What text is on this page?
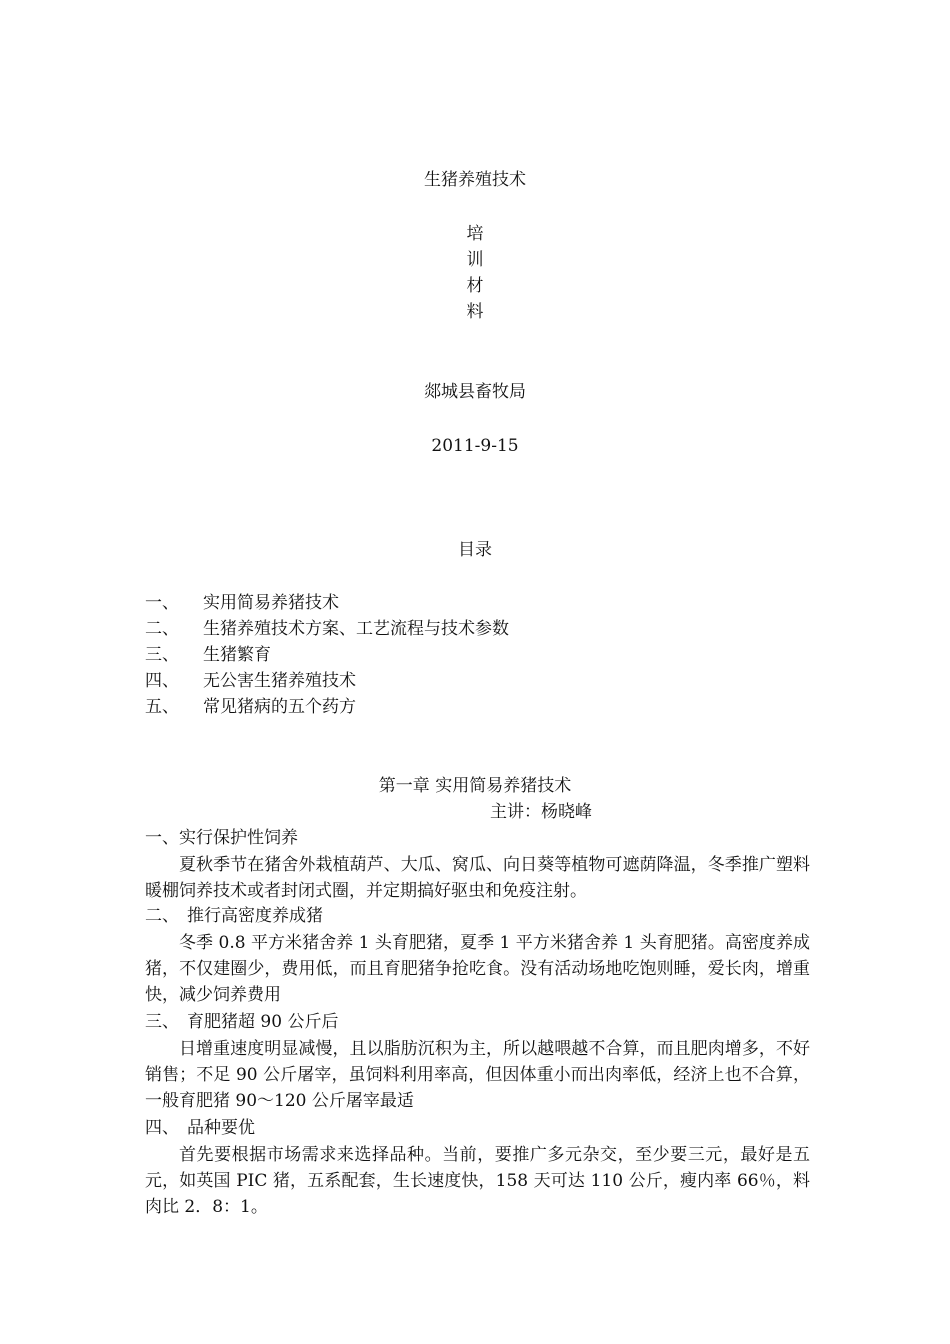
生猪养殖技术
培
训
材
料
郯城县畜牧局
2011-9-15
目录
一、 实用简易养猪技术
二、 生猪养殖技术方案、工艺流程与技术参数
三、 生猪繁育
四、 无公害生猪养殖技术
五、 常见猪病的五个药方
第一章 实用简易养猪技术
主讲：杨晓峰
一、实行保护性饲养
夏秋季节在猪舍外栽植葫芦、大瓜、窝瓜、向日葵等植物可遮荫降温，冬季推广塑料暖棚饲养技术或者封闭式圈，并定期搞好驱虫和免疫注射。
二、 推行高密度养成猪
冬季 0.8 平方米猪舍养 1 头育肥猪，夏季 1 平方米猪舍养 1 头育肥猪。高密度养成猪，不仅建圈少，费用低，而且育肥猪争抢吃食。没有活动场地吃饱则睡，爱长肉，增重快，减少饲养费用
三、 育肥猪超 90 公斤后
日增重速度明显减慢，且以脂肪沉积为主，所以越喂越不合算，而且肥肉增多，不好销售；不足 90 公斤屠宰，虽饲料利用率高，但因体重小而出肉率低，经济上也不合算，一般育肥猪 90～120 公斤屠宰最适
四、 品种要优
首先要根据市场需求来选择品种。当前，要推广多元杂交，至少要三元，最好是五元，如英国 PIC 猪，五系配套，生长速度快，158 天可达 110 公斤，瘦内率 66％，料肉比 2．8：1。
